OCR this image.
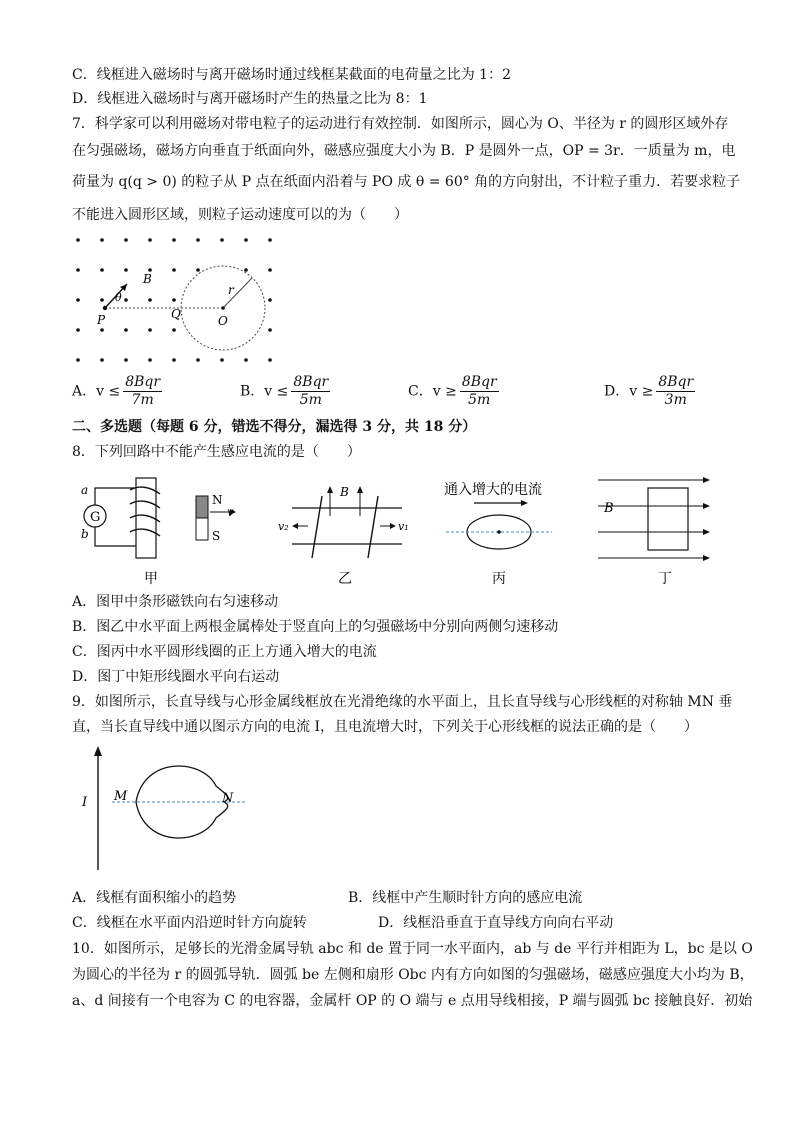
C．线框进入磁场时与离开磁场时通过线框某截面的电荷量之比为 1：2
D．线框进入磁场时与离开磁场时产生的热量之比为 8：1
7．科学家可以利用磁场对带电粒子的运动进行有效控制．如图所示，圆心为 O、半径为 r 的圆形区域外存
在匀强磁场，磁场方向垂直于纸面向外，磁感应强度大小为 B．P 是圆外一点，OP = 3r．一质量为 m，电
荷量为 q(q > 0) 的粒子从 P 点在纸面内沿着与 PO 成 θ = 60° 角的方向射出，不计粒子重力．若要求粒子
不能进入圆形区域，则粒子运动速度可以的为（　　）
B
θ
P	Q	O
r
A．$v \le \frac{\text{8Bqr}}{7m}$	B．$v \le \frac{\text{8Bqr}}{5m}$	C．$v \ge \frac{\text{8Bqr}}{5m}$	D．$v \ge \frac{\text{8Bqr}}{3m}$
二、多选题（每题 6 分，错选不得分，漏选得 3 分，共 18 分）
8．下列回路中不能产生感应电流的是（　　）
G
a
b
N
S
v
甲
B
v₂	v₁
乙
通入增大的电流
丙
B
丁
A．图甲中条形磁铁向右匀速移动
B．图乙中水平面上两根金属棒处于竖直向上的匀强磁场中分别向两侧匀速移动
C．图丙中水平圆形线圈的正上方通入增大的电流
D．图丁中矩形线圈水平向右运动
9．如图所示，长直导线与心形金属线框放在光滑绝缘的水平面上，且长直导线与心形线框的对称轴 MN 垂
直，当长直导线中通以图示方向的电流 I，且电流增大时，下列关于心形线框的说法正确的是（　　）
I M	N
A．线框有面积缩小的趋势	B．线框中产生顺时针方向的感应电流
C．线框在水平面内沿逆时针方向旋转	D．线框沿垂直于直导线方向向右平动
10．如图所示，足够长的光滑金属导轨 abc 和 de 置于同一水平面内，ab 与 de 平行并相距为 L，bc 是以 O
为圆心的半径为 r 的圆弧导轨．圆弧 be 左侧和扇形 Obc 内有方向如图的匀强磁场，磁感应强度大小均为 B，
a、d 间接有一个电容为 C 的电容器，金属杆 OP 的 O 端与 e 点用导线相接，P 端与圆弧 bc 接触良好．初始
